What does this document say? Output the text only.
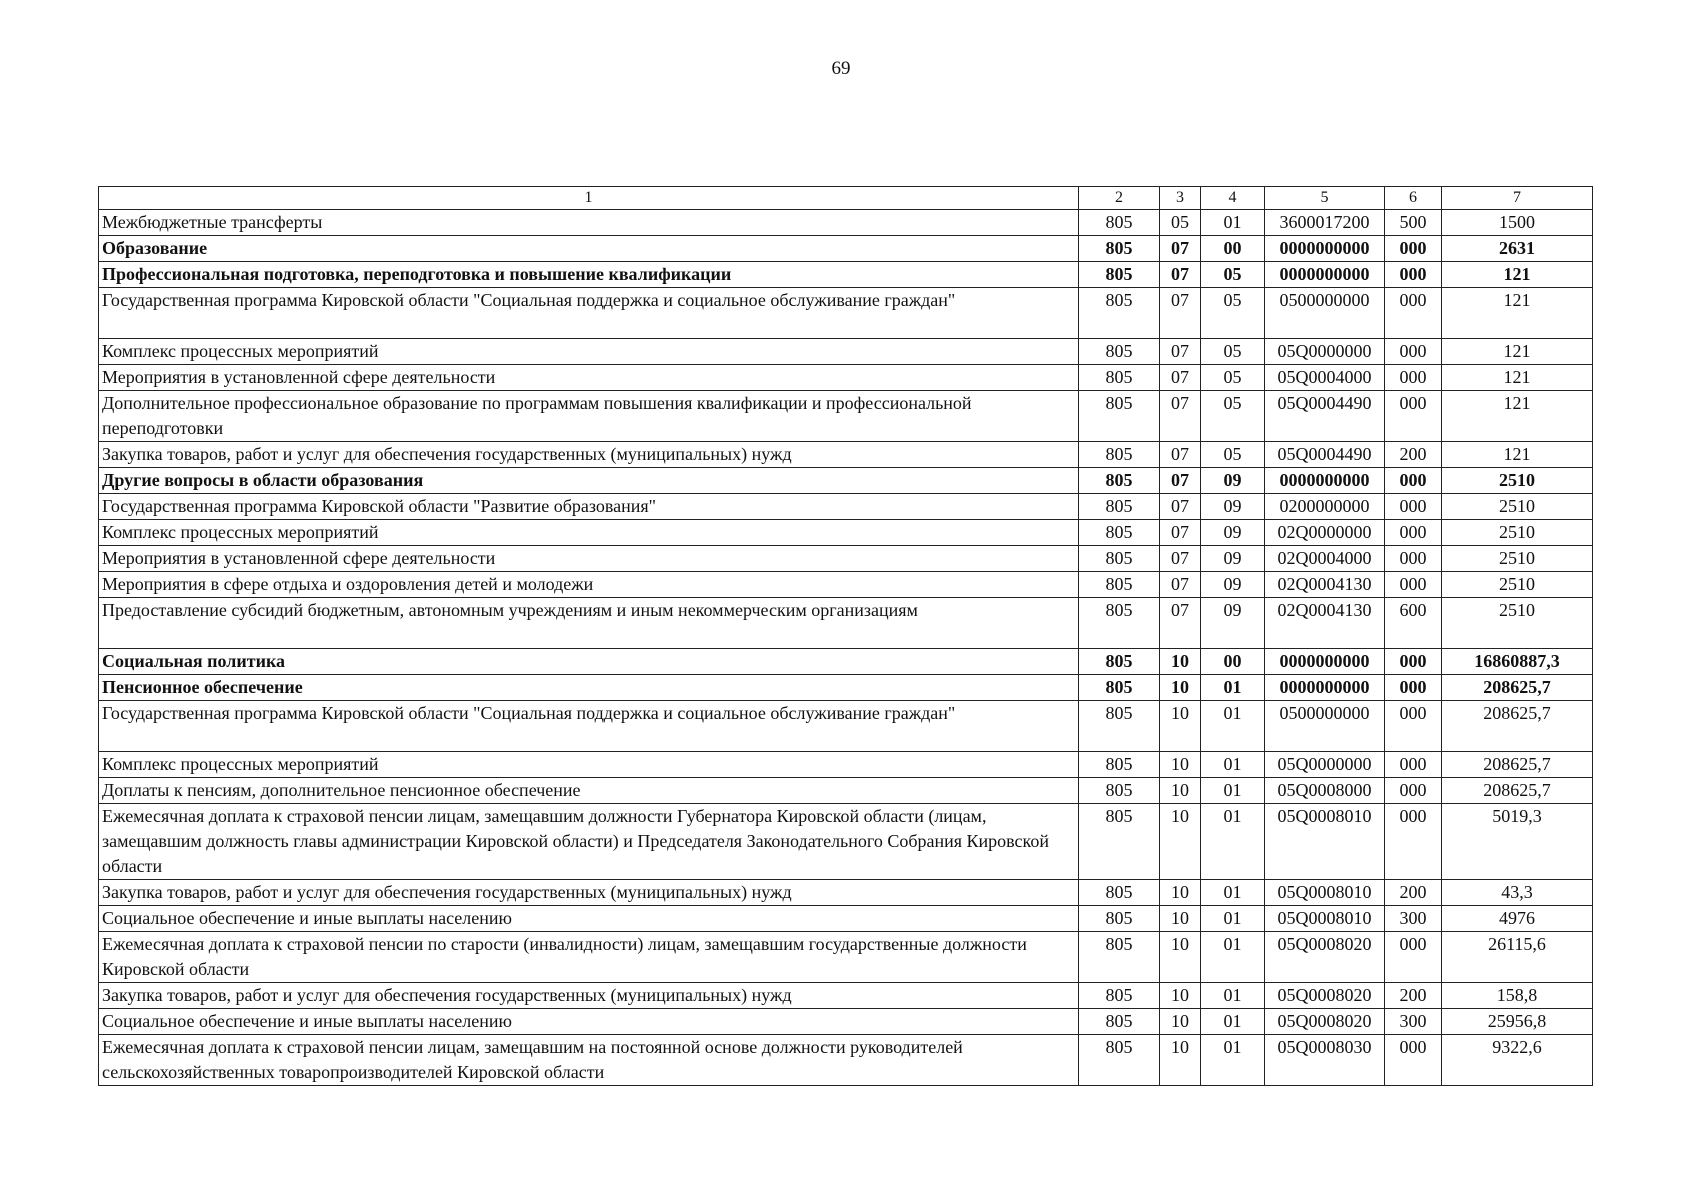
69
1	2	3	4	5	6	7
Межбюджетные трансферты	805	05	01	3600017200	500	1500
Образование	805	07	00	0000000000	000	2631
Профессиональная подготовка, переподготовка и повышение квалификации	805	07	05	0000000000	000	121
Государственная программа Кировской области "Социальная поддержка и социальное обслуживание граждан"	805	07	05	0500000000	000	121
Комплекс процессных мероприятий	805	07	05	05Q0000000	000	121
Мероприятия в установленной сфере деятельности	805	07	05	05Q0004000	000	121
Дополнительное профессиональное образование по программам повышения квалификации и профессиональной переподготовки	805	07	05	05Q0004490	000	121
Закупка товаров, работ и услуг для обеспечения государственных (муниципальных) нужд	805	07	05	05Q0004490	200	121
Другие вопросы в области образования	805	07	09	0000000000	000	2510
Государственная программа Кировской области "Развитие образования"	805	07	09	0200000000	000	2510
Комплекс процессных мероприятий	805	07	09	02Q0000000	000	2510
Мероприятия в установленной сфере деятельности	805	07	09	02Q0004000	000	2510
Мероприятия в сфере отдыха и оздоровления детей и молодежи	805	07	09	02Q0004130	000	2510
Предоставление субсидий бюджетным, автономным учреждениям и иным некоммерческим организациям	805	07	09	02Q0004130	600	2510
Социальная политика	805	10	00	0000000000	000	16860887,3
Пенсионное обеспечение	805	10	01	0000000000	000	208625,7
Государственная программа Кировской области "Социальная поддержка и социальное обслуживание граждан"	805	10	01	0500000000	000	208625,7
Комплекс процессных мероприятий	805	10	01	05Q0000000	000	208625,7
Доплаты к пенсиям, дополнительное пенсионное обеспечение	805	10	01	05Q0008000	000	208625,7
Ежемесячная доплата к страховой пенсии лицам, замещавшим должности Губернатора Кировской области (лицам, замещавшим должность главы администрации Кировской области) и Председателя Законодательного Собрания Кировской области	805	10	01	05Q0008010	000	5019,3
Закупка товаров, работ и услуг для обеспечения государственных (муниципальных) нужд	805	10	01	05Q0008010	200	43,3
Социальное обеспечение и иные выплаты населению	805	10	01	05Q0008010	300	4976
Ежемесячная доплата к страховой пенсии по старости (инвалидности) лицам, замещавшим государственные должности Кировской области	805	10	01	05Q0008020	000	26115,6
Закупка товаров, работ и услуг для обеспечения государственных (муниципальных) нужд	805	10	01	05Q0008020	200	158,8
Социальное обеспечение и иные выплаты населению	805	10	01	05Q0008020	300	25956,8
Ежемесячная доплата к страховой пенсии лицам, замещавшим на постоянной основе должности руководителей сельскохозяйственных товаропроизводителей Кировской области	805	10	01	05Q0008030	000	9322,6
